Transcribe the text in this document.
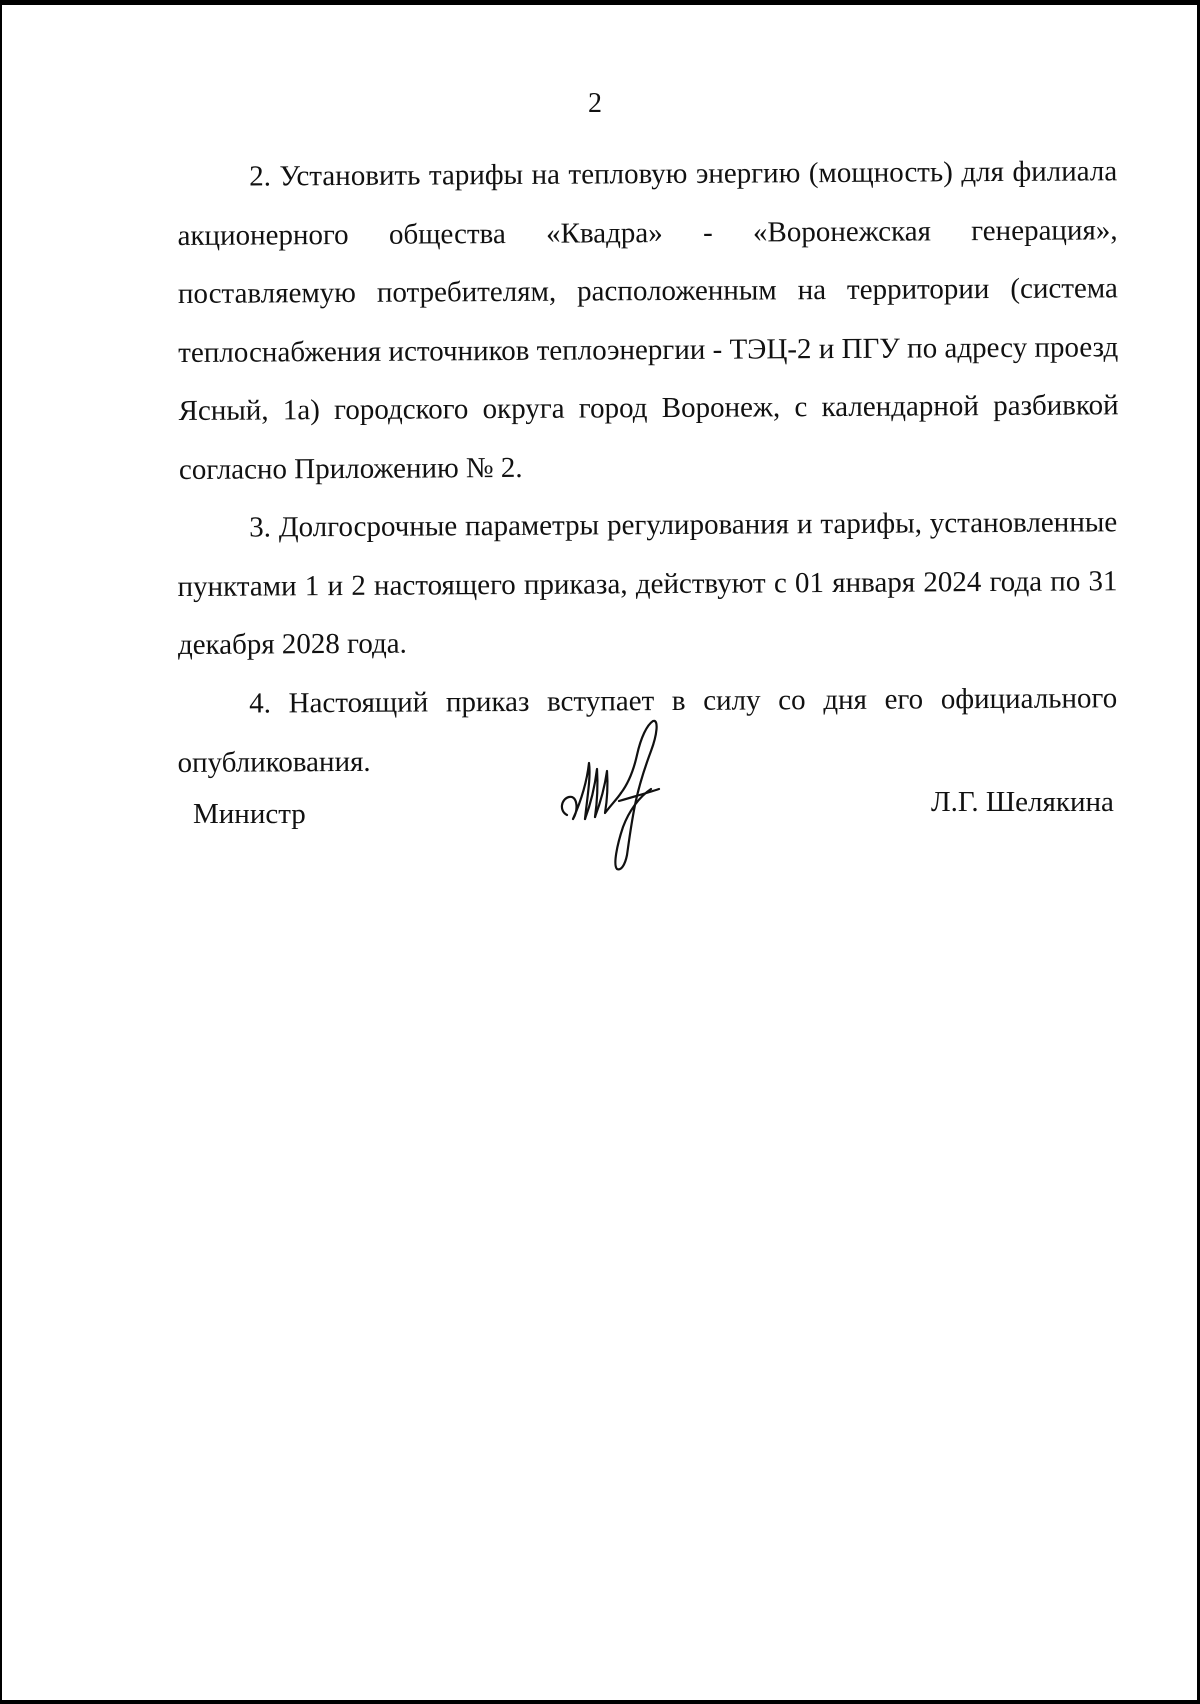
2

2. Установить тарифы на тепловую энергию (мощность) для филиала акционерного общества «Квадра» - «Воронежская генерация», поставляемую потребителям, расположенным на территории (система теплоснабжения источников теплоэнергии - ТЭЦ-2 и ПГУ по адресу проезд Ясный, 1а) городского округа город Воронеж, с календарной разбивкой согласно Приложению № 2.

3. Долгосрочные параметры регулирования и тарифы, установленные пунктами 1 и 2 настоящего приказа, действуют с 01 января 2024 года по 31 декабря 2028 года.

4. Настоящий приказ вступает в силу со дня его официального опубликования.

Министр	Л.Г. Шелякина
